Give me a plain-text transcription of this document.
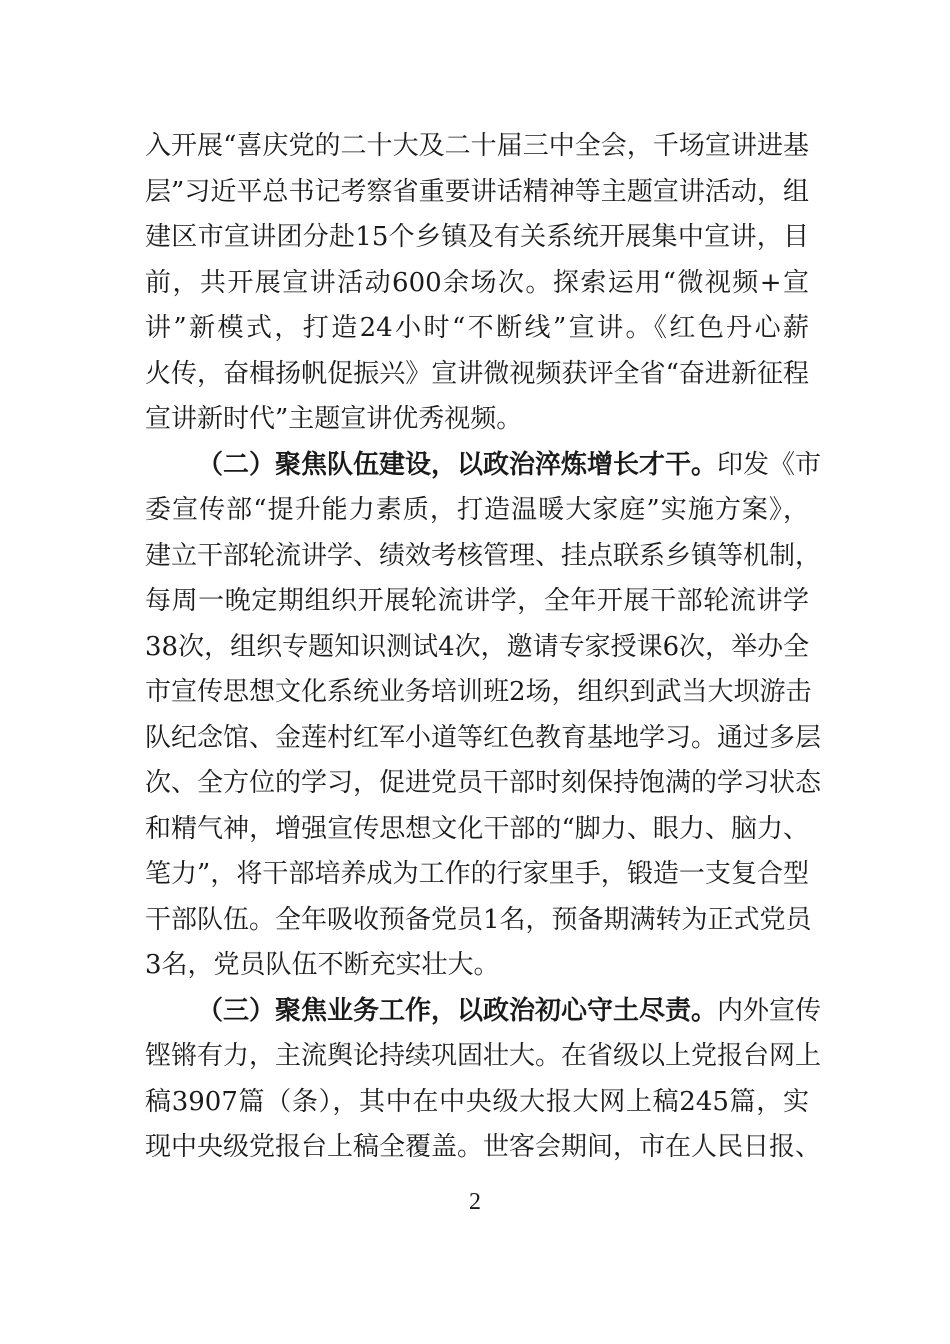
入开展“喜庆党的二十大及二十届三中全会，千场宣讲进基
层”习近平总书记考察省重要讲话精神等主题宣讲活动，组
建区市宣讲团分赴15个乡镇及有关系统开展集中宣讲，目
前，共开展宣讲活动600余场次。探索运用“微视频+宣
讲”新模式，打造24小时“不断线”宣讲。《红色丹心薪
火传，奋楫扬帆促振兴》宣讲微视频获评全省“奋进新征程
宣讲新时代”主题宣讲优秀视频。
（二）聚焦队伍建设，以政治淬炼增长才干。印发《市
委宣传部“提升能力素质，打造温暖大家庭”实施方案》，
建立干部轮流讲学、绩效考核管理、挂点联系乡镇等机制，
每周一晚定期组织开展轮流讲学，全年开展干部轮流讲学
38次，组织专题知识测试4次，邀请专家授课6次，举办全
市宣传思想文化系统业务培训班2场，组织到武当大坝游击
队纪念馆、金莲村红军小道等红色教育基地学习。通过多层
次、全方位的学习，促进党员干部时刻保持饱满的学习状态
和精气神，增强宣传思想文化干部的“脚力、眼力、脑力、
笔力”，将干部培养成为工作的行家里手，锻造一支复合型
干部队伍。全年吸收预备党员1名，预备期满转为正式党员
3名，党员队伍不断充实壮大。
（三）聚焦业务工作，以政治初心守土尽责。内外宣传
铿锵有力，主流舆论持续巩固壮大。在省级以上党报台网上
稿3907篇（条），其中在中央级大报大网上稿245篇，实
现中央级党报台上稿全覆盖。世客会期间，市在人民日报、
2
